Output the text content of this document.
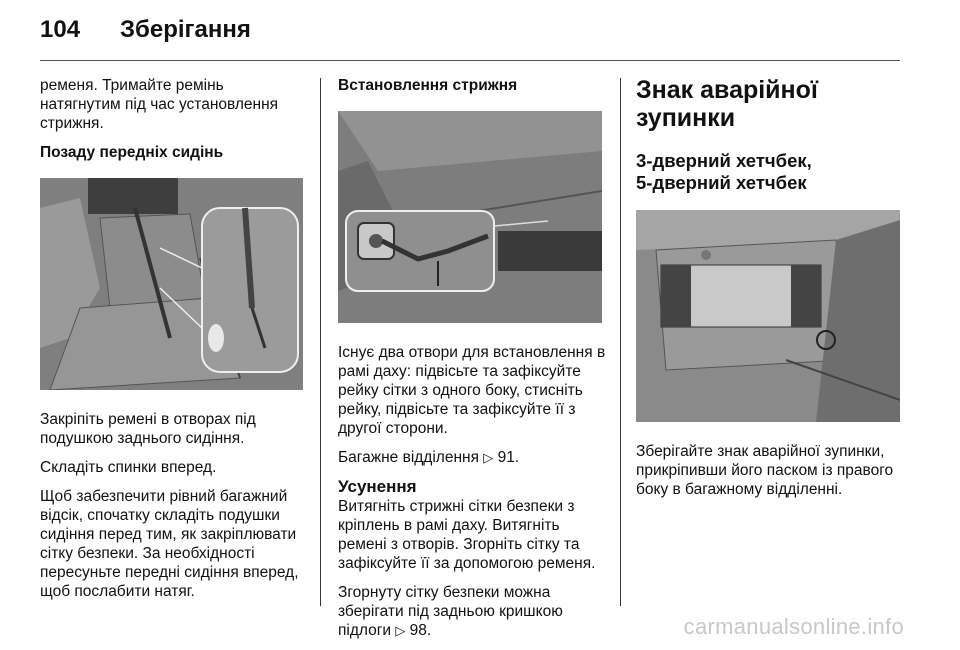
104	Зберігання

ременя. Тримайте ремінь натягнутим під час установлення стрижня.

Позаду передніх сидінь

Закріпіть ремені в отворах під подушкою заднього сидіння.

Складіть спинки вперед.

Щоб забезпечити рівний багажний відсік, спочатку складіть подушки сидіння перед тим, як закріплювати сітку безпеки. За необхідності пересуньте передні сидіння вперед, щоб послабити натяг.

Встановлення стрижня

Існує два отвори для встановлення в рамі даху: підвісьте та зафіксуйте рейку сітки з одного боку, стисніть рейку, підвісьте та зафіксуйте її з другої сторони.

Багажне відділення ▷ 91.

Усунення

Витягніть стрижні сітки безпеки з кріплень в рамі даху. Витягніть ремені з отворів. Згорніть сітку та зафіксуйте її за допомогою ременя.

Згорнуту сітку безпеки можна зберігати під задньою кришкою підлоги ▷ 98.

Знак аварійної зупинки
3-дверний хетчбек,
5-дверний хетчбек

Зберігайте знак аварійної зупинки, прикріпивши його паском із правого боку в багажному відділенні.

carmanualsonline.info
